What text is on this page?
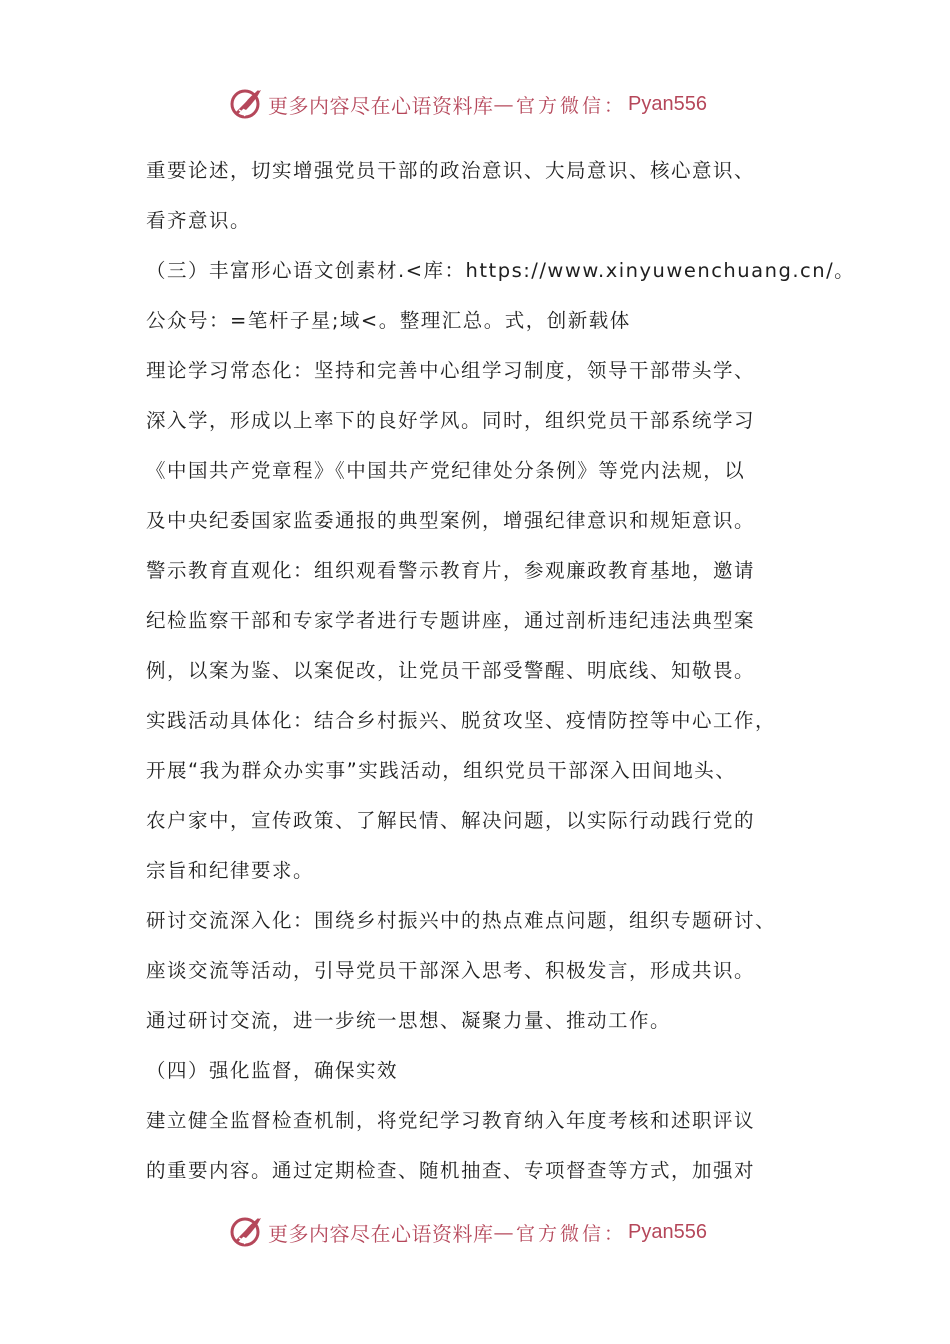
更多内容尽在心语资料库 — 官方微信： Pyan556

重要论述，切实增强党员干部的政治意识、大局意识、核心意识、

看齐意识。

（三）丰富形心语文创素材.<库：https://www.xinyuwenchuang.cn/。

公众号：=笔杆子星;域<。整理汇总。式，创新载体

理论学习常态化：坚持和完善中心组学习制度，领导干部带头学、

深入学，形成以上率下的良好学风。同时，组织党员干部系统学习

《中国共产党章程》《中国共产党纪律处分条例》等党内法规，以

及中央纪委国家监委通报的典型案例，增强纪律意识和规矩意识。

警示教育直观化：组织观看警示教育片，参观廉政教育基地，邀请

纪检监察干部和专家学者进行专题讲座，通过剖析违纪违法典型案

例，以案为鉴、以案促改，让党员干部受警醒、明底线、知敬畏。

实践活动具体化：结合乡村振兴、脱贫攻坚、疫情防控等中心工作，

开展“我为群众办实事”实践活动，组织党员干部深入田间地头、

农户家中，宣传政策、了解民情、解决问题，以实际行动践行党的

宗旨和纪律要求。

研讨交流深入化：围绕乡村振兴中的热点难点问题，组织专题研讨、

座谈交流等活动，引导党员干部深入思考、积极发言，形成共识。

通过研讨交流，进一步统一思想、凝聚力量、推动工作。

（四）强化监督，确保实效

建立健全监督检查机制，将党纪学习教育纳入年度考核和述职评议

的重要内容。通过定期检查、随机抽查、专项督查等方式，加强对

更多内容尽在心语资料库 — 官方微信： Pyan556
